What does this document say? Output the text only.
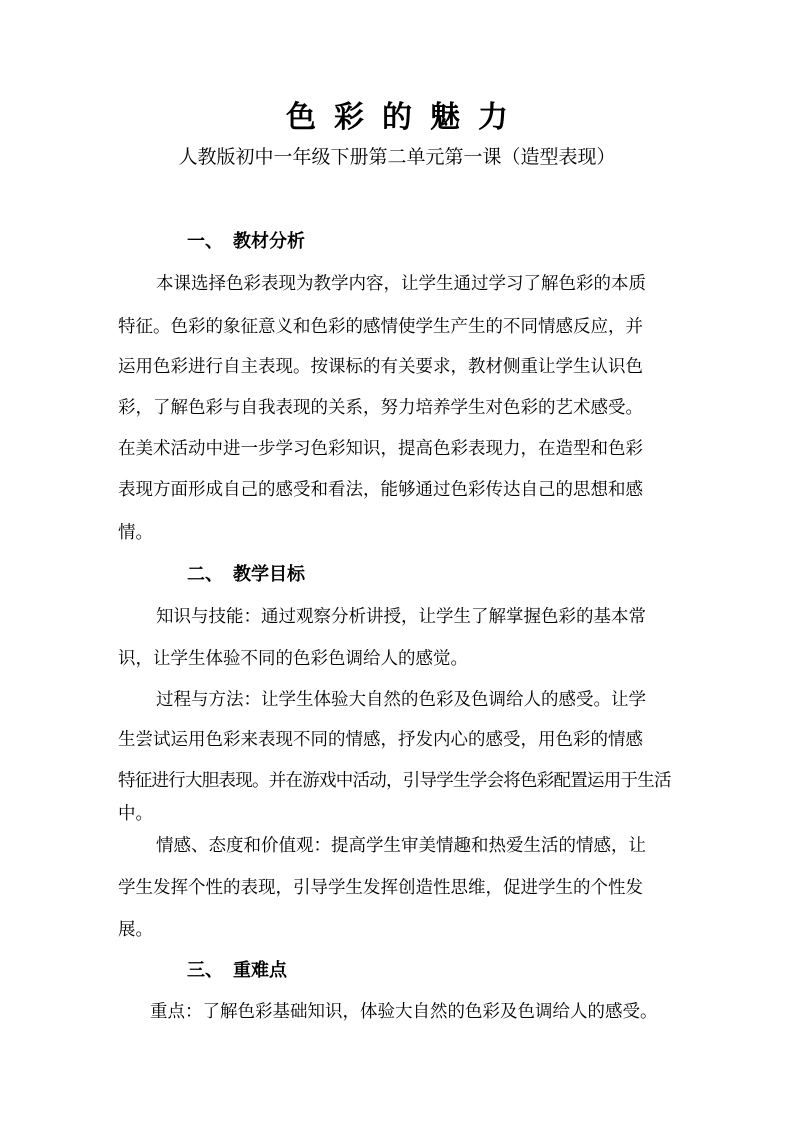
色彩的魅力
人教版初中一年级下册第二单元第一课（造型表现）
一、 教材分析
本课选择色彩表现为教学内容，让学生通过学习了解色彩的本质
特征。色彩的象征意义和色彩的感情使学生产生的不同情感反应，并
运用色彩进行自主表现。按课标的有关要求，教材侧重让学生认识色
彩，了解色彩与自我表现的关系，努力培养学生对色彩的艺术感受。
在美术活动中进一步学习色彩知识，提高色彩表现力，在造型和色彩
表现方面形成自己的感受和看法，能够通过色彩传达自己的思想和感
情。
二、 教学目标
知识与技能：通过观察分析讲授，让学生了解掌握色彩的基本常
识，让学生体验不同的色彩色调给人的感觉。
过程与方法：让学生体验大自然的色彩及色调给人的感受。让学
生尝试运用色彩来表现不同的情感，抒发内心的感受，用色彩的情感
特征进行大胆表现。并在游戏中活动，引导学生学会将色彩配置运用于生活
中。
情感、态度和价值观：提高学生审美情趣和热爱生活的情感，让
学生发挥个性的表现，引导学生发挥创造性思维，促进学生的个性发
展。
三、 重难点
重点：了解色彩基础知识，体验大自然的色彩及色调给人的感受。
